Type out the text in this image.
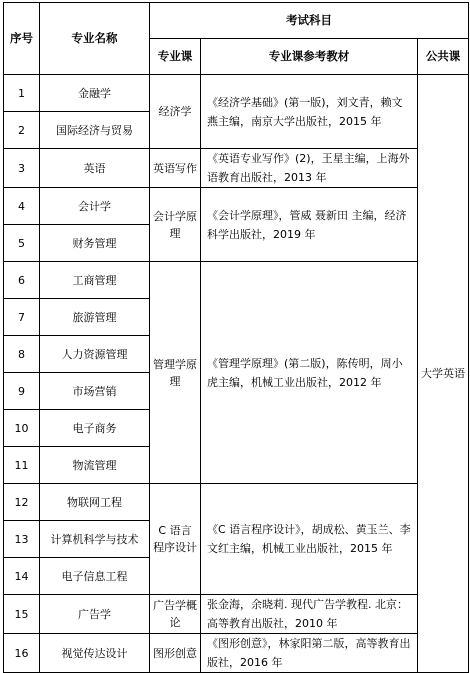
序号	专业名称	考试科目		
		专业课	专业课参考教材	公共课
1	金融学	经济学	《经济学基础》(第一版)，刘文青，赖文燕主编，南京大学出版社，2015 年	大学英语
2	国际经济与贸易			
3	英语	英语写作	《英语专业写作》(2)，王星主编，上海外语教育出版社，2013 年	
4	会计学	会计学原理	《会计学原理》，管威 聂新田 主编，经济科学出版社，2019 年	
5	财务管理			
6	工商管理	管理学原理	《管理学原理》(第二版)，陈传明，周小虎主编，机械工业出版社，2012 年	
7	旅游管理			
8	人力资源管理			
9	市场营销			
10	电子商务			
11	物流管理			
12	物联网工程	C 语言程序设计	《C 语言程序设计》，胡成松、黄玉兰、李文红主编，机械工业出版社，2015 年	
13	计算机科学与技术			
14	电子信息工程			
15	广告学	广告学概论	张金海，余晓莉. 现代广告学教程. 北京：高等教育出版社，2010 年	
16	视觉传达设计	图形创意	《图形创意》，林家阳第二版，高等教育出版社，2016 年	
